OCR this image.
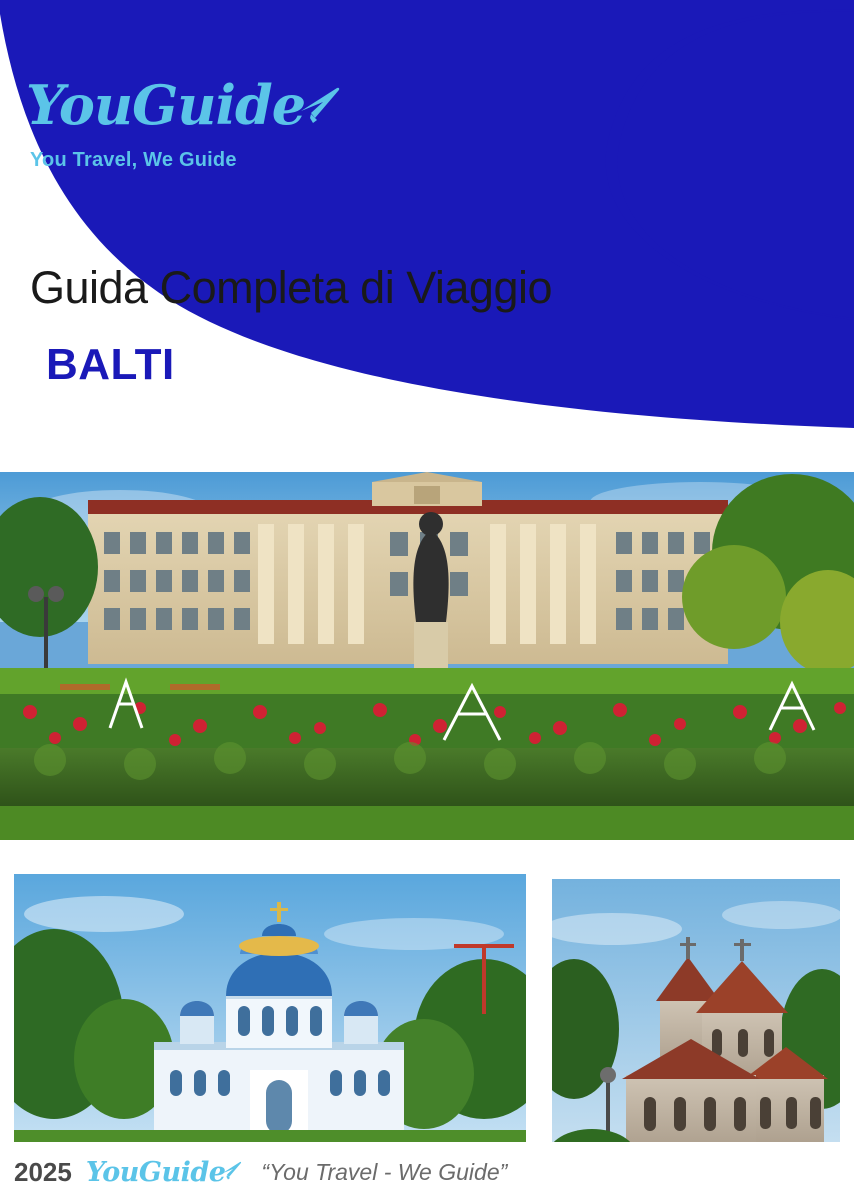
YouGuide
You Travel, We Guide
Guida Completa di Viaggio
BALTI
2025 YouGuide “You Travel - We Guide”
